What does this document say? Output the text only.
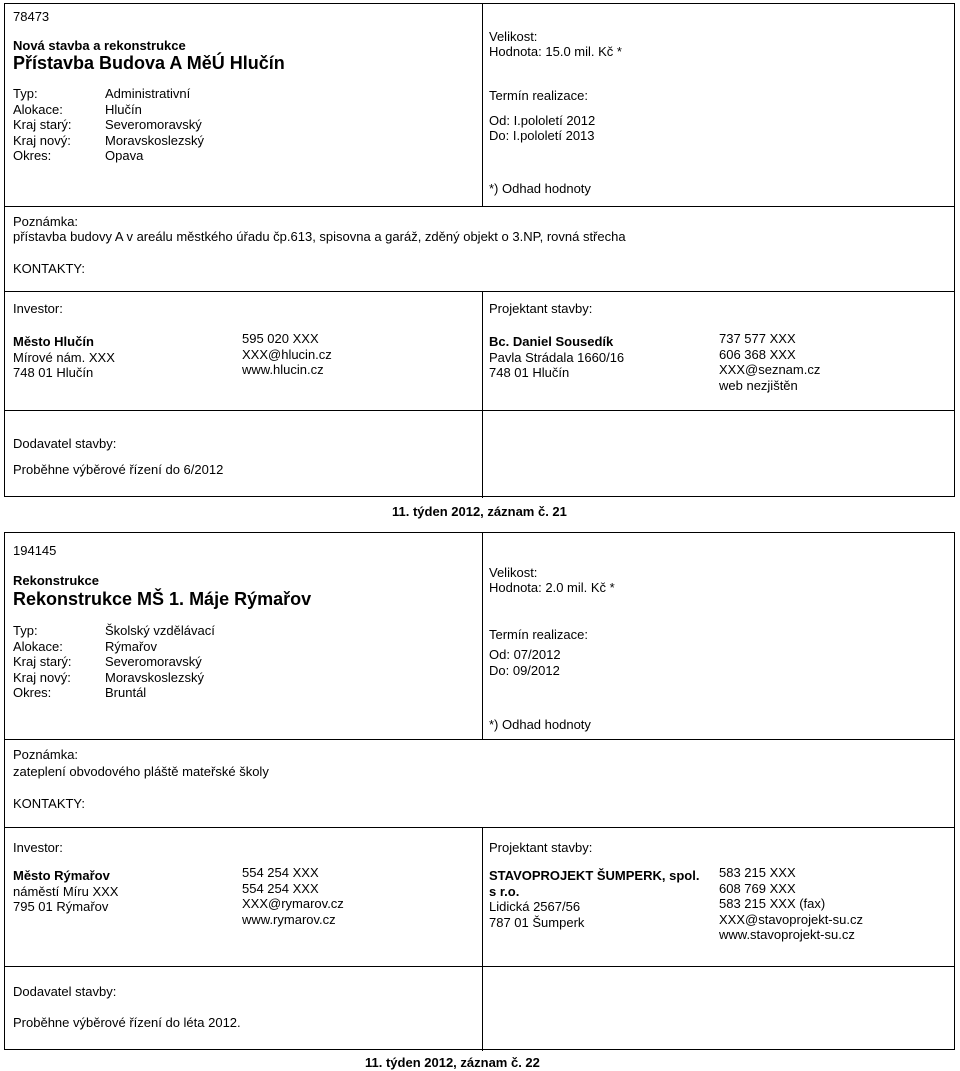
78473
Nová stavba a rekonstrukce
Přístavba Budova A MěÚ Hlučín
Typ:	Administrativní
Alokace:	Hlučín
Kraj starý:	Severomoravský
Kraj nový:	Moravskoslezský
Okres:	Opava
Velikost:
Hodnota: 15.0 mil. Kč *
Termín realizace:
Od: I.pololetí 2012
Do: I.pololetí 2013
*) Odhad hodnoty
Poznámka:
přístavba budovy A v areálu městkého úřadu čp.613, spisovna a garáž, zděný objekt o 3.NP, rovná střecha
KONTAKTY:
Investor:
Město Hlučín
Mírové nám. XXX
748 01 Hlučín
595 020 XXX
XXX@hlucin.cz
www.hlucin.cz
Projektant stavby:
Bc. Daniel Sousedík
Pavla Strádala 1660/16
748 01 Hlučín
737 577 XXX
606 368 XXX
XXX@seznam.cz
web nezjištěn
Dodavatel stavby:
Proběhne výběrové řízení do 6/2012
11. týden 2012, záznam č. 21
194145
Rekonstrukce
Rekonstrukce MŠ 1. Máje Rýmařov
Typ:	Školský vzdělávací
Alokace:	Rýmařov
Kraj starý:	Severomoravský
Kraj nový:	Moravskoslezský
Okres:	Bruntál
Velikost:
Hodnota: 2.0 mil. Kč *
Termín realizace:
Od: 07/2012
Do: 09/2012
*) Odhad hodnoty
Poznámka:
zateplení obvodového pláště mateřské školy
KONTAKTY:
Investor:
Město Rýmařov
náměstí Míru XXX
795 01 Rýmařov
554 254 XXX
554 254 XXX
XXX@rymarov.cz
www.rymarov.cz
Projektant stavby:
STAVOPROJEKT ŠUMPERK, spol.
s r.o.
Lidická 2567/56
787 01 Šumperk
583 215 XXX
608 769 XXX
583 215 XXX (fax)
XXX@stavoprojekt-su.cz
www.stavoprojekt-su.cz
Dodavatel stavby:
Proběhne výběrové řízení do léta 2012.
11. týden 2012, záznam č. 22
